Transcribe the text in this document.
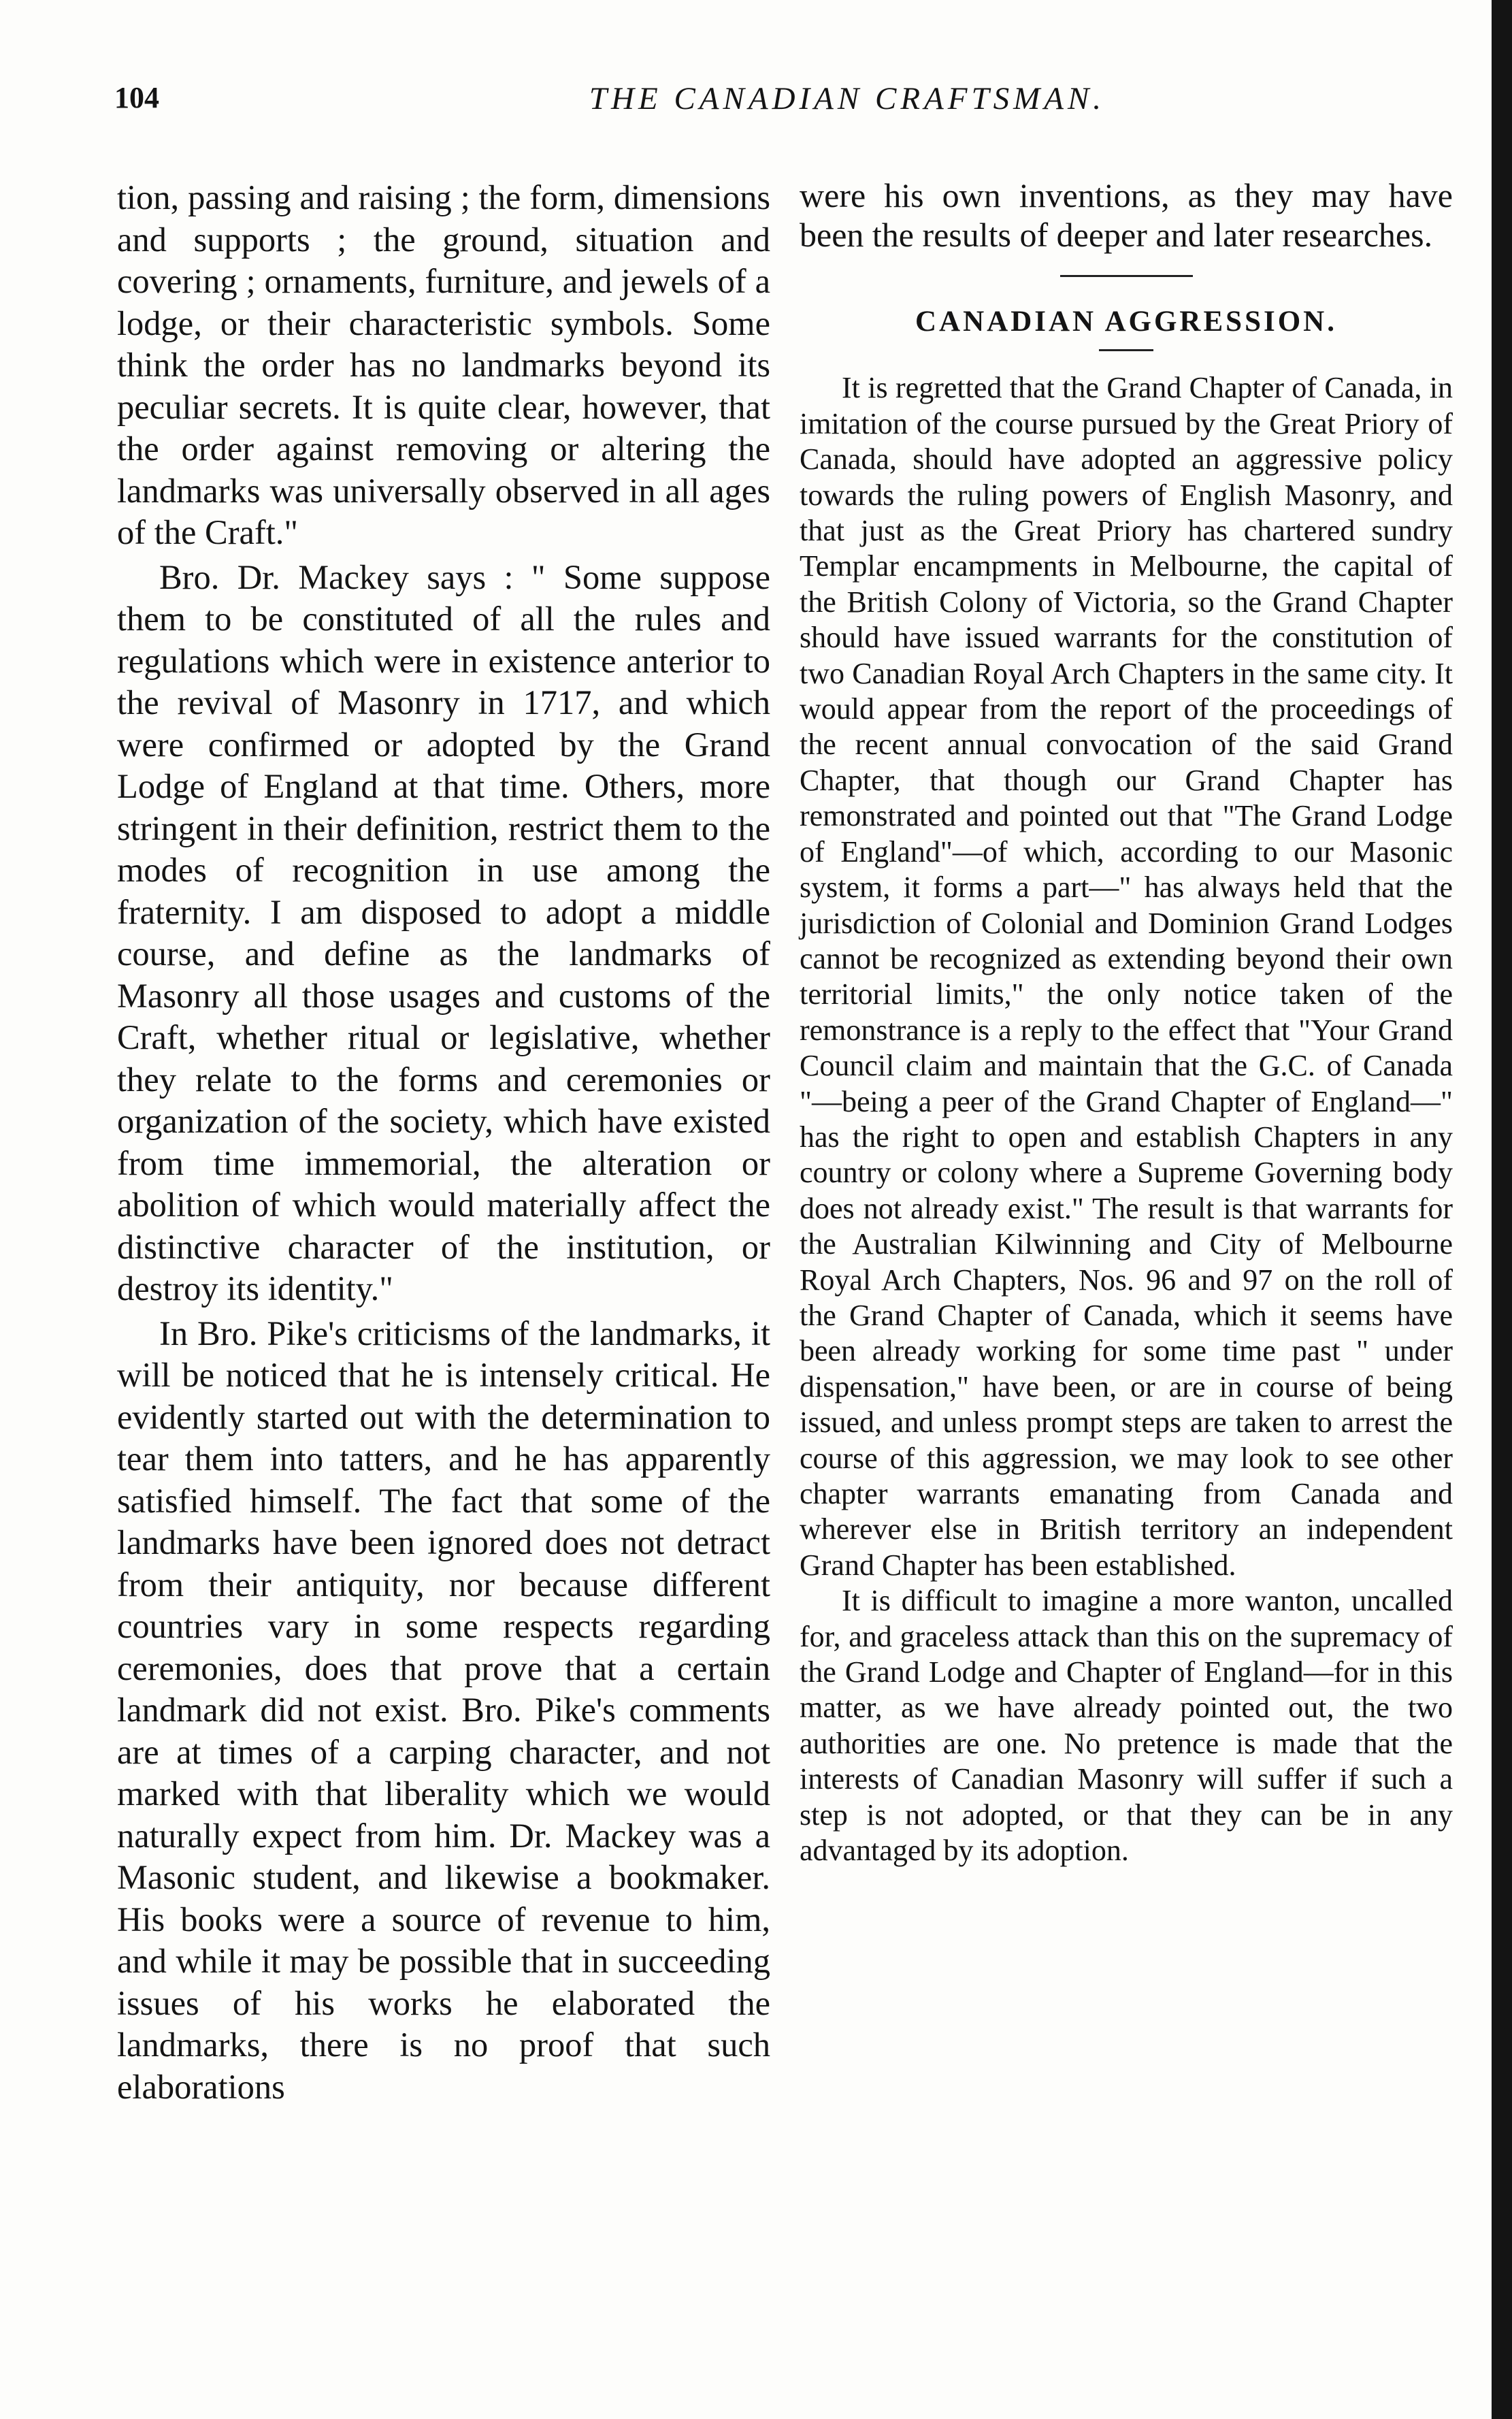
104	THE CANADIAN CRAFTSMAN.

tion, passing and raising ; the form, dimensions and supports ; the ground, situation and covering ; ornaments, furniture, and jewels of a lodge, or their characteristic symbols. Some think the order has no landmarks beyond its peculiar secrets. It is quite clear, however, that the order against removing or altering the landmarks was universally observed in all ages of the Craft."

Bro. Dr. Mackey says : " Some suppose them to be constituted of all the rules and regulations which were in existence anterior to the revival of Masonry in 1717, and which were confirmed or adopted by the Grand Lodge of England at that time. Others, more stringent in their definition, restrict them to the modes of recognition in use among the fraternity. I am disposed to adopt a middle course, and define as the landmarks of Masonry all those usages and customs of the Craft, whether ritual or legislative, whether they relate to the forms and ceremonies or organization of the society, which have existed from time immemorial, the alteration or abolition of which would materially affect the distinctive character of the institution, or destroy its identity."

In Bro. Pike's criticisms of the landmarks, it will be noticed that he is intensely critical. He evidently started out with the determination to tear them into tatters, and he has apparently satisfied himself. The fact that some of the landmarks have been ignored does not detract from their antiquity, nor because different countries vary in some respects regarding ceremonies, does that prove that a certain landmark did not exist. Bro. Pike's comments are at times of a carping character, and not marked with that liberality which we would naturally expect from him. Dr. Mackey was a Masonic student, and likewise a bookmaker. His books were a source of revenue to him, and while it may be possible that in succeeding issues of his works he elaborated the landmarks, there is no proof that such elaborations

were his own inventions, as they may have been the results of deeper and later researches.

CANADIAN AGGRESSION.

It is regretted that the Grand Chapter of Canada, in imitation of the course pursued by the Great Priory of Canada, should have adopted an aggressive policy towards the ruling powers of English Masonry, and that just as the Great Priory has chartered sundry Templar encampments in Melbourne, the capital of the British Colony of Victoria, so the Grand Chapter should have issued warrants for the constitution of two Canadian Royal Arch Chapters in the same city. It would appear from the report of the proceedings of the recent annual convocation of the said Grand Chapter, that though our Grand Chapter has remonstrated and pointed out that "The Grand Lodge of England"—of which, according to our Masonic system, it forms a part—" has always held that the jurisdiction of Colonial and Dominion Grand Lodges cannot be recognized as extending beyond their own territorial limits," the only notice taken of the remonstrance is a reply to the effect that "Your Grand Council claim and maintain that the G.C. of Canada "—being a peer of the Grand Chapter of England—" has the right to open and establish Chapters in any country or colony where a Supreme Governing body does not already exist." The result is that warrants for the Australian Kilwinning and City of Melbourne Royal Arch Chapters, Nos. 96 and 97 on the roll of the Grand Chapter of Canada, which it seems have been already working for some time past " under dispensation," have been, or are in course of being issued, and unless prompt steps are taken to arrest the course of this aggression, we may look to see other chapter warrants emanating from Canada and wherever else in British territory an independent Grand Chapter has been established.

It is difficult to imagine a more wanton, uncalled for, and graceless attack than this on the supremacy of the Grand Lodge and Chapter of England—for in this matter, as we have already pointed out, the two authorities are one. No pretence is made that the interests of Canadian Masonry will suffer if such a step is not adopted, or that they can be in any advantaged by its adoption.
